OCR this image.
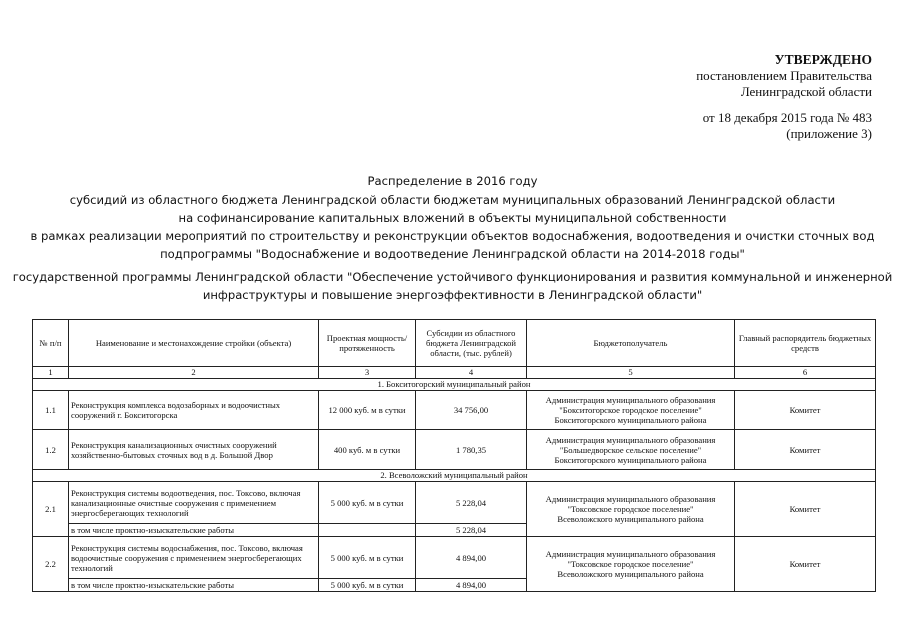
УТВЕРЖДЕНО
постановлением Правительства
Ленинградской области
от 18 декабря 2015 года № 483
(приложение 3)
Распределение в 2016 году
субсидий из областного бюджета Ленинградской области бюджетам муниципальных образований Ленинградской области
на софинансирование капитальных вложений в объекты муниципальной собственности
в рамках реализации мероприятий по строительству и реконструкции объектов водоснабжения, водоотведения и очистки сточных вод
подпрограммы "Водоснабжение и водоотведение Ленинградской области на 2014-2018 годы"
государственной программы Ленинградской области "Обеспечение устойчивого функционирования и развития коммунальной и инженерной
инфраструктуры и повышение энергоэффективности в Ленинградской области"
№ п/п	Наименование и местонахождение стройки (объекта)	Проектная мощность/ протяженность	Субсидии из областного бюджета Ленинградской области, (тыс. рублей)	Бюджетополучатель	Главный распорядитель бюджетных средств
1	2	3	4	5	6
1. Бокситогорский муниципальный район					
1.1	Реконструкция комплекса водозаборных и водоочистных сооружений г. Бокситогорска	12 000 куб. м в сутки	34 756,00	Администрация муниципального образования
"Бокситогорское городское поселение"
Бокситогорского муниципального района	Комитет
1.2	Реконструкция канализационных очистных сооружений хозяйственно-бытовых сточных вод в д. Большой Двор	400 куб. м в сутки	1 780,35	Администрация муниципального образования
"Большедворское сельское поселение"
Бокситогорского муниципального района	Комитет
2. Всеволожский муниципальный район					
2.1	Реконструкция системы водоотведения, пос. Токсово, включая канализационные очистные сооружения с применением энергосберегающих технологий	5 000 куб. м в сутки	5 228,04	Администрация муниципального образования
"Токсовское городское поселение"
Всеволожского муниципального района	Комитет
	в том числе проктно-изыскательские работы		5 228,04		
2.2	Реконструкция системы водоснабжения, пос. Токсово, включая водоочистные сооружения с применением энергосберегающих технологий	5 000 куб. м в сутки	4 894,00	Администрация муниципального образования
"Токсовское городское поселение"
Всеволожского муниципального района	Комитет
	в том числе проктно-изыскательские работы	5 000 куб. м в сутки	4 894,00		
